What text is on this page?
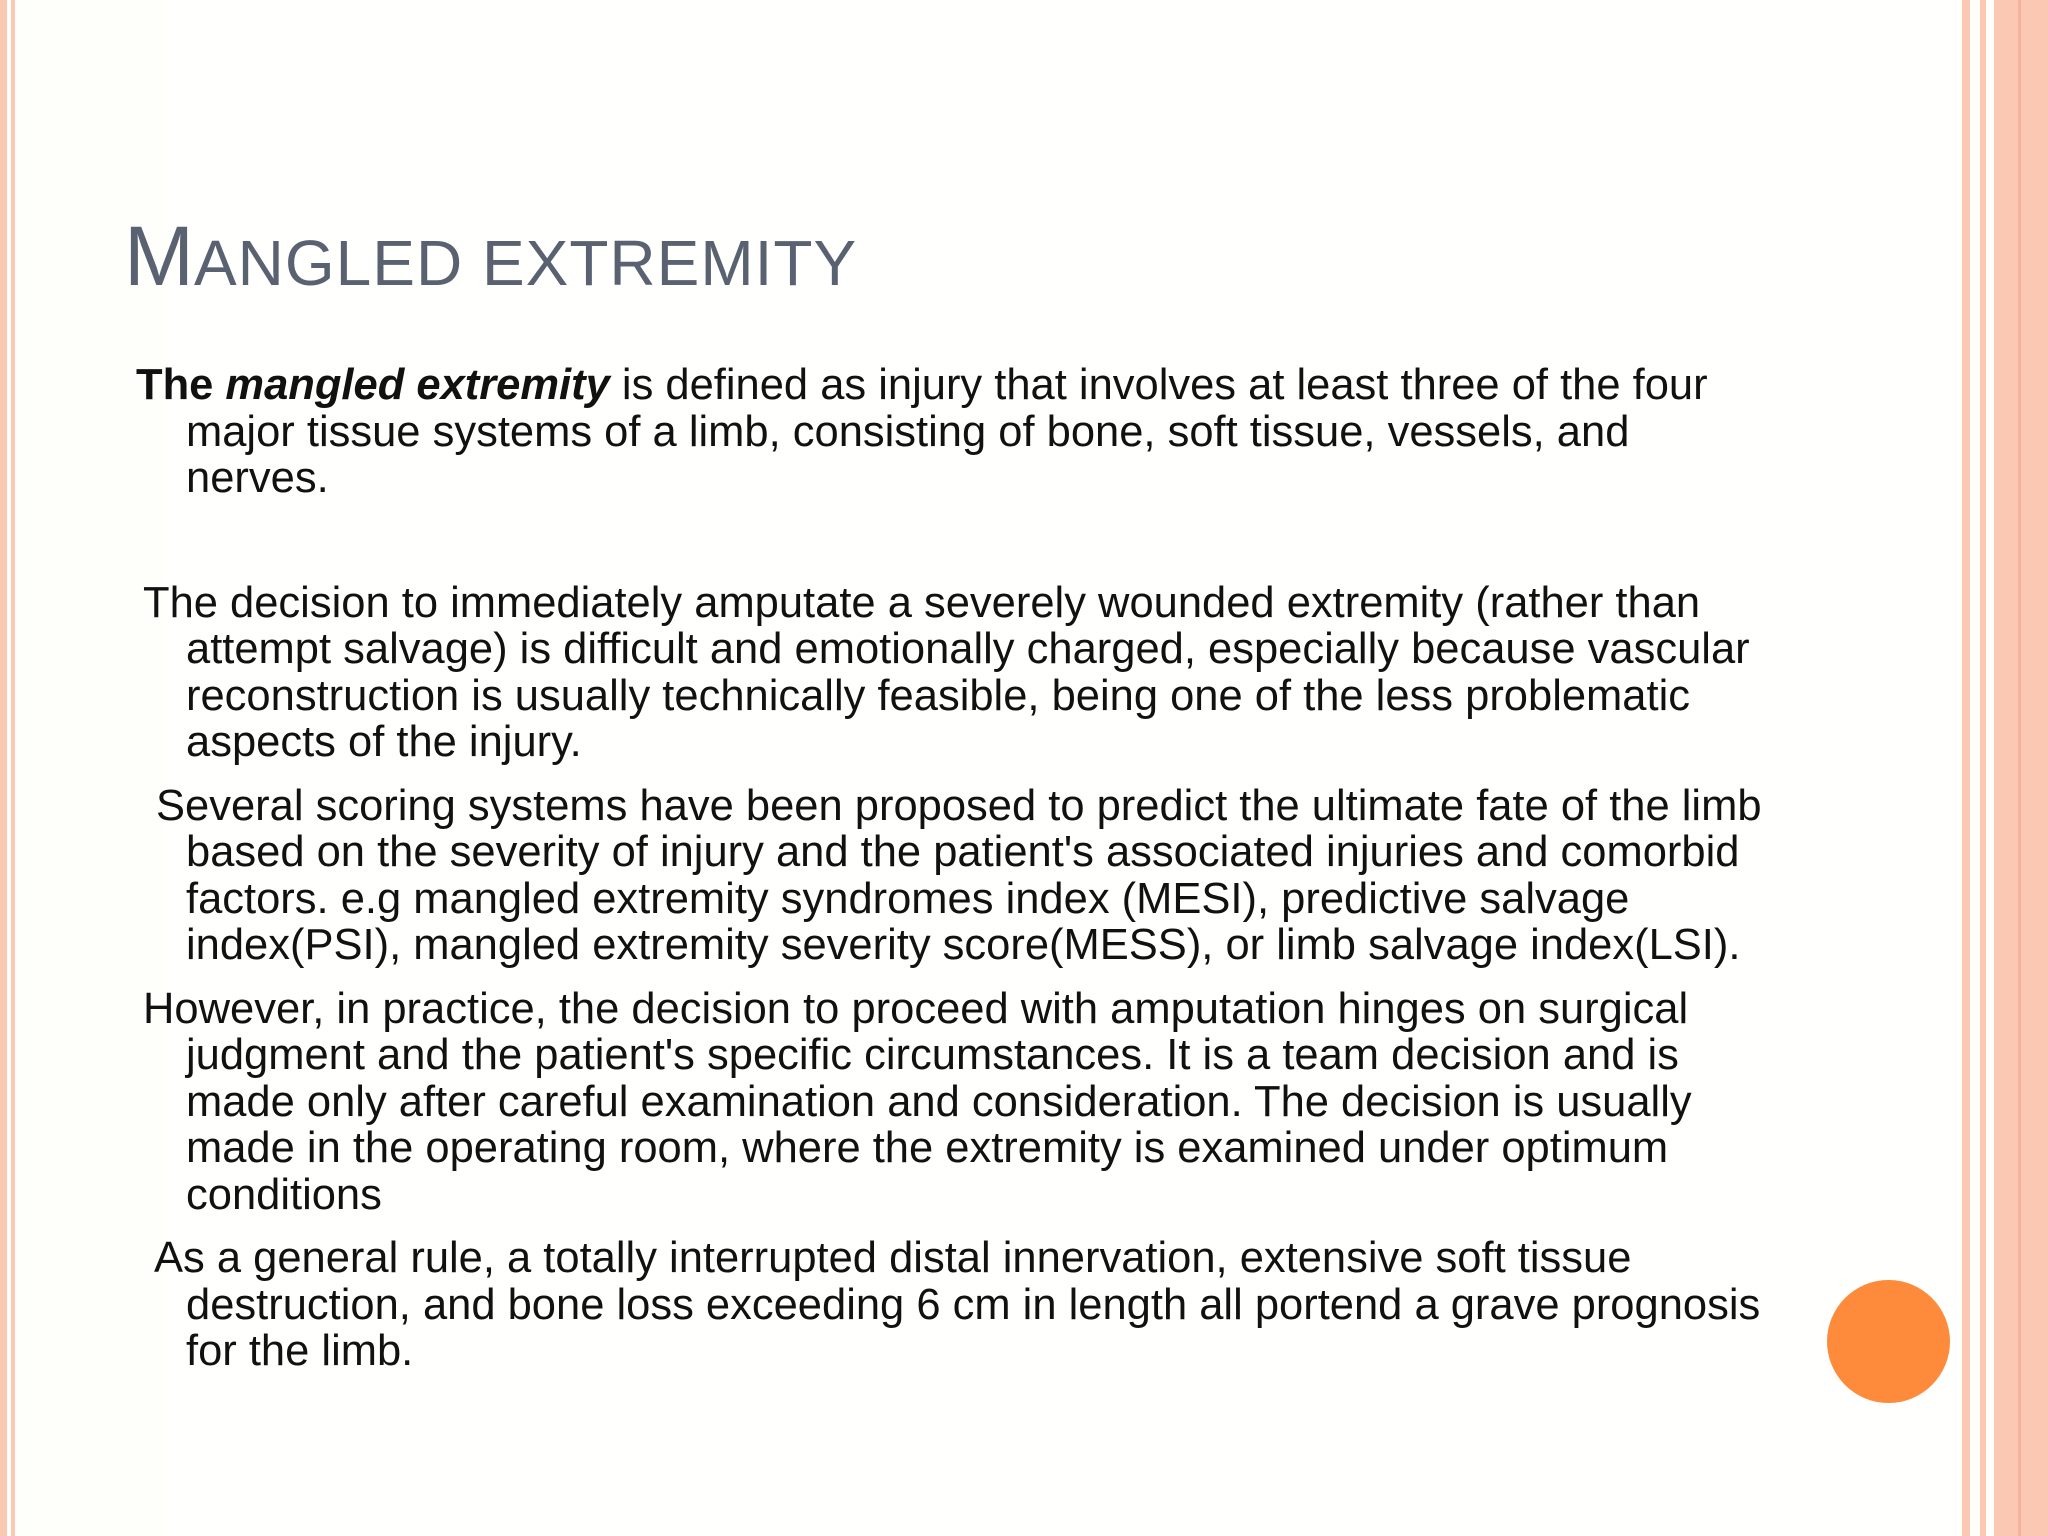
MANGLED EXTREMITY

The mangled extremity is defined as injury that involves at least three of the four major tissue systems of a limb, consisting of bone, soft tissue, vessels, and nerves.

The decision to immediately amputate a severely wounded extremity (rather than attempt salvage) is difficult and emotionally charged, especially because vascular reconstruction is usually technically feasible, being one of the less problematic aspects of the injury.

Several scoring systems have been proposed to predict the ultimate fate of the limb based on the severity of injury and the patient's associated injuries and comorbid factors. e.g mangled extremity syndromes index (MESI), predictive salvage index(PSI), mangled extremity severity score(MESS), or limb salvage index(LSI).

However, in practice, the decision to proceed with amputation hinges on surgical judgment and the patient's specific circumstances. It is a team decision and is made only after careful examination and consideration. The decision is usually made in the operating room, where the extremity is examined under optimum conditions

As a general rule, a totally interrupted distal innervation, extensive soft tissue destruction, and bone loss exceeding 6 cm in length all portend a grave prognosis for the limb.
